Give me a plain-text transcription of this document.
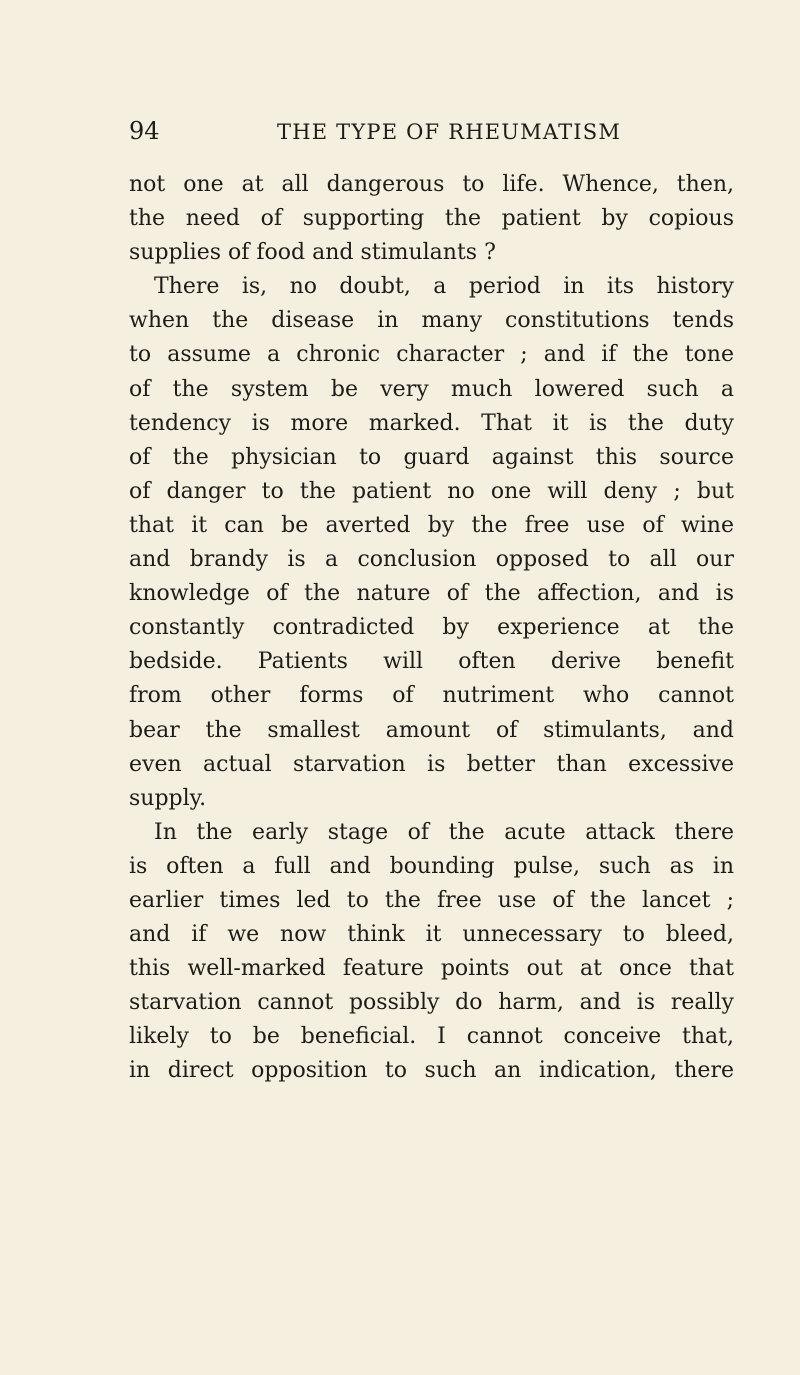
94	THE TYPE OF RHEUMATISM
not one at all dangerous to life. Whence, then,
the need of supporting the patient by copious
supplies of food and stimulants ?
There is, no doubt, a period in its history
when the disease in many constitutions tends
to assume a chronic character ; and if the tone
of the system be very much lowered such a
tendency is more marked. That it is the duty
of the physician to guard against this source
of danger to the patient no one will deny ; but
that it can be averted by the free use of wine
and brandy is a conclusion opposed to all our
knowledge of the nature of the affection, and is
constantly contradicted by experience at the
bedside. Patients will often derive benefit
from other forms of nutriment who cannot
bear the smallest amount of stimulants, and
even actual starvation is better than excessive
supply.
In the early stage of the acute attack there
is often a full and bounding pulse, such as in
earlier times led to the free use of the lancet ;
and if we now think it unnecessary to bleed,
this well-marked feature points out at once that
starvation cannot possibly do harm, and is really
likely to be beneficial. I cannot conceive that,
in direct opposition to such an indication, there
